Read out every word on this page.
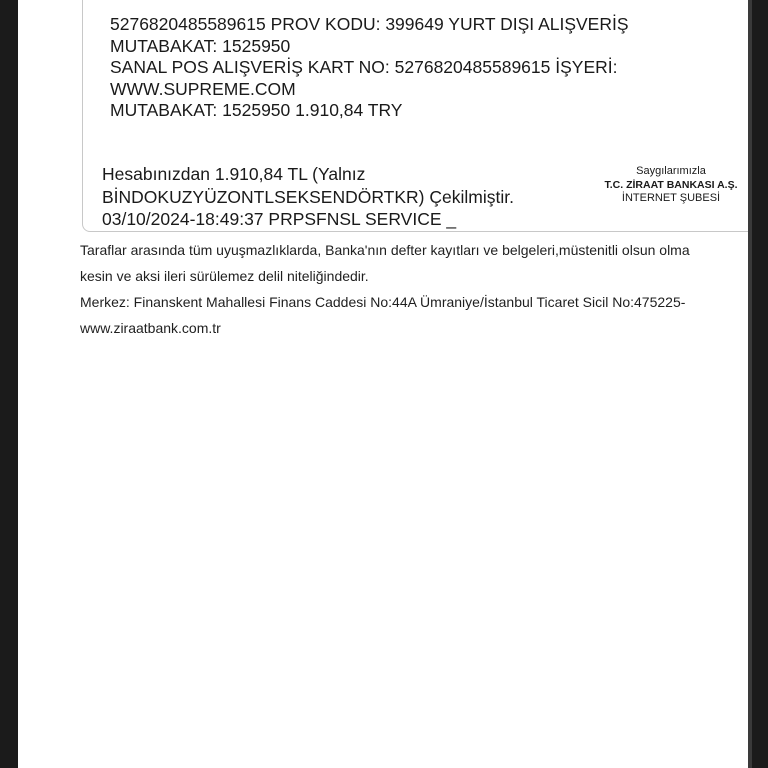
5276820485589615 PROV KODU: 399649 YURT DIŞI ALIŞVERİŞ
MUTABAKAT: 1525950
SANAL POS ALIŞVERİŞ KART NO: 5276820485589615 İŞYERİ:
WWW.SUPREME.COM
MUTABAKAT: 1525950 1.910,84 TRY
Hesabınızdan 1.910,84 TL (Yalnız
BİNDOKUZYÜZONTLSEKSENDÖRTKR) Çekilmiştir.
03/10/2024-18:49:37 PRPSFNSL SERVICE _
Saygılarımızla
T.C. ZİRAAT BANKASI A.Ş.
İNTERNET ŞUBESİ
Taraflar arasında tüm uyuşmazlıklarda, Banka'nın defter kayıtları ve belgeleri,müstenitli olsun olma
kesin ve aksi ileri sürülemez delil niteliğindedir.
Merkez: Finanskent Mahallesi Finans Caddesi No:44A Ümraniye/İstanbul Ticaret Sicil No:475225-
www.ziraatbank.com.tr
